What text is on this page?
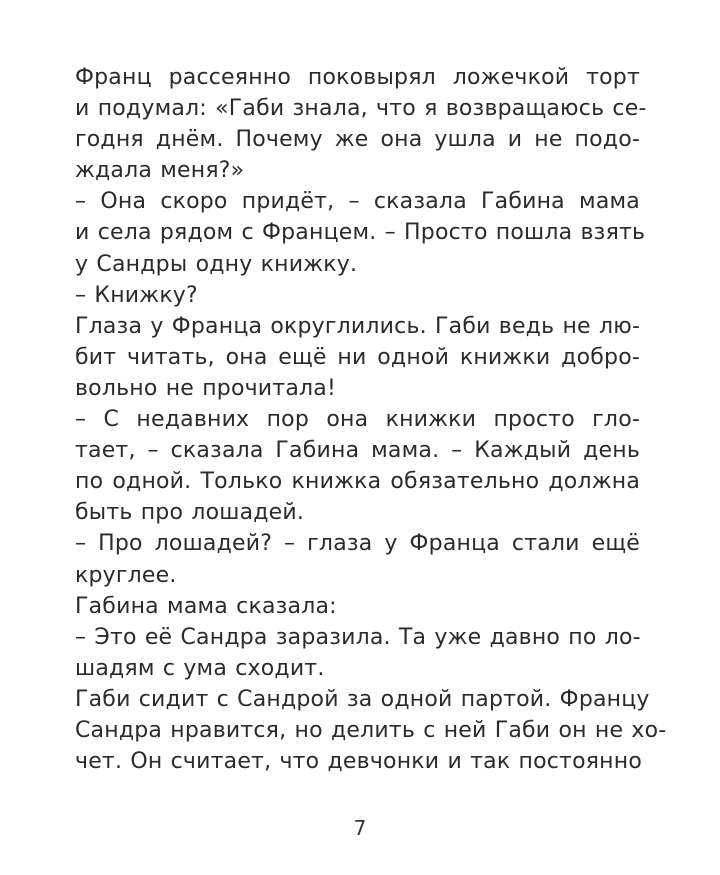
Франц рассеянно поковырял ложечкой торт
и подумал: «Габи знала, что я возвращаюсь се-
годня днём. Почему же она ушла и не подо-
ждала меня?»
– Она скоро придёт, – сказала Габина мама
и села рядом с Францем. – Просто пошла взять
у Сандры одну книжку.
– Книжку?
Глаза у Франца округлились. Габи ведь не лю-
бит читать, она ещё ни одной книжки добро-
вольно не прочитала!
– С недавних пор она книжки просто гло-
тает, – сказала Габина мама. – Каждый день
по одной. Только книжка обязательно должна
быть про лошадей.
– Про лошадей? – глаза у Франца стали ещё
круглее.
Габина мама сказала:
– Это её Сандра заразила. Та уже давно по ло-
шадям с ума сходит.
Габи сидит с Сандрой за одной партой. Францу
Сандра нравится, но делить с ней Габи он не хо-
чет. Он считает, что девчонки и так постоянно
7
